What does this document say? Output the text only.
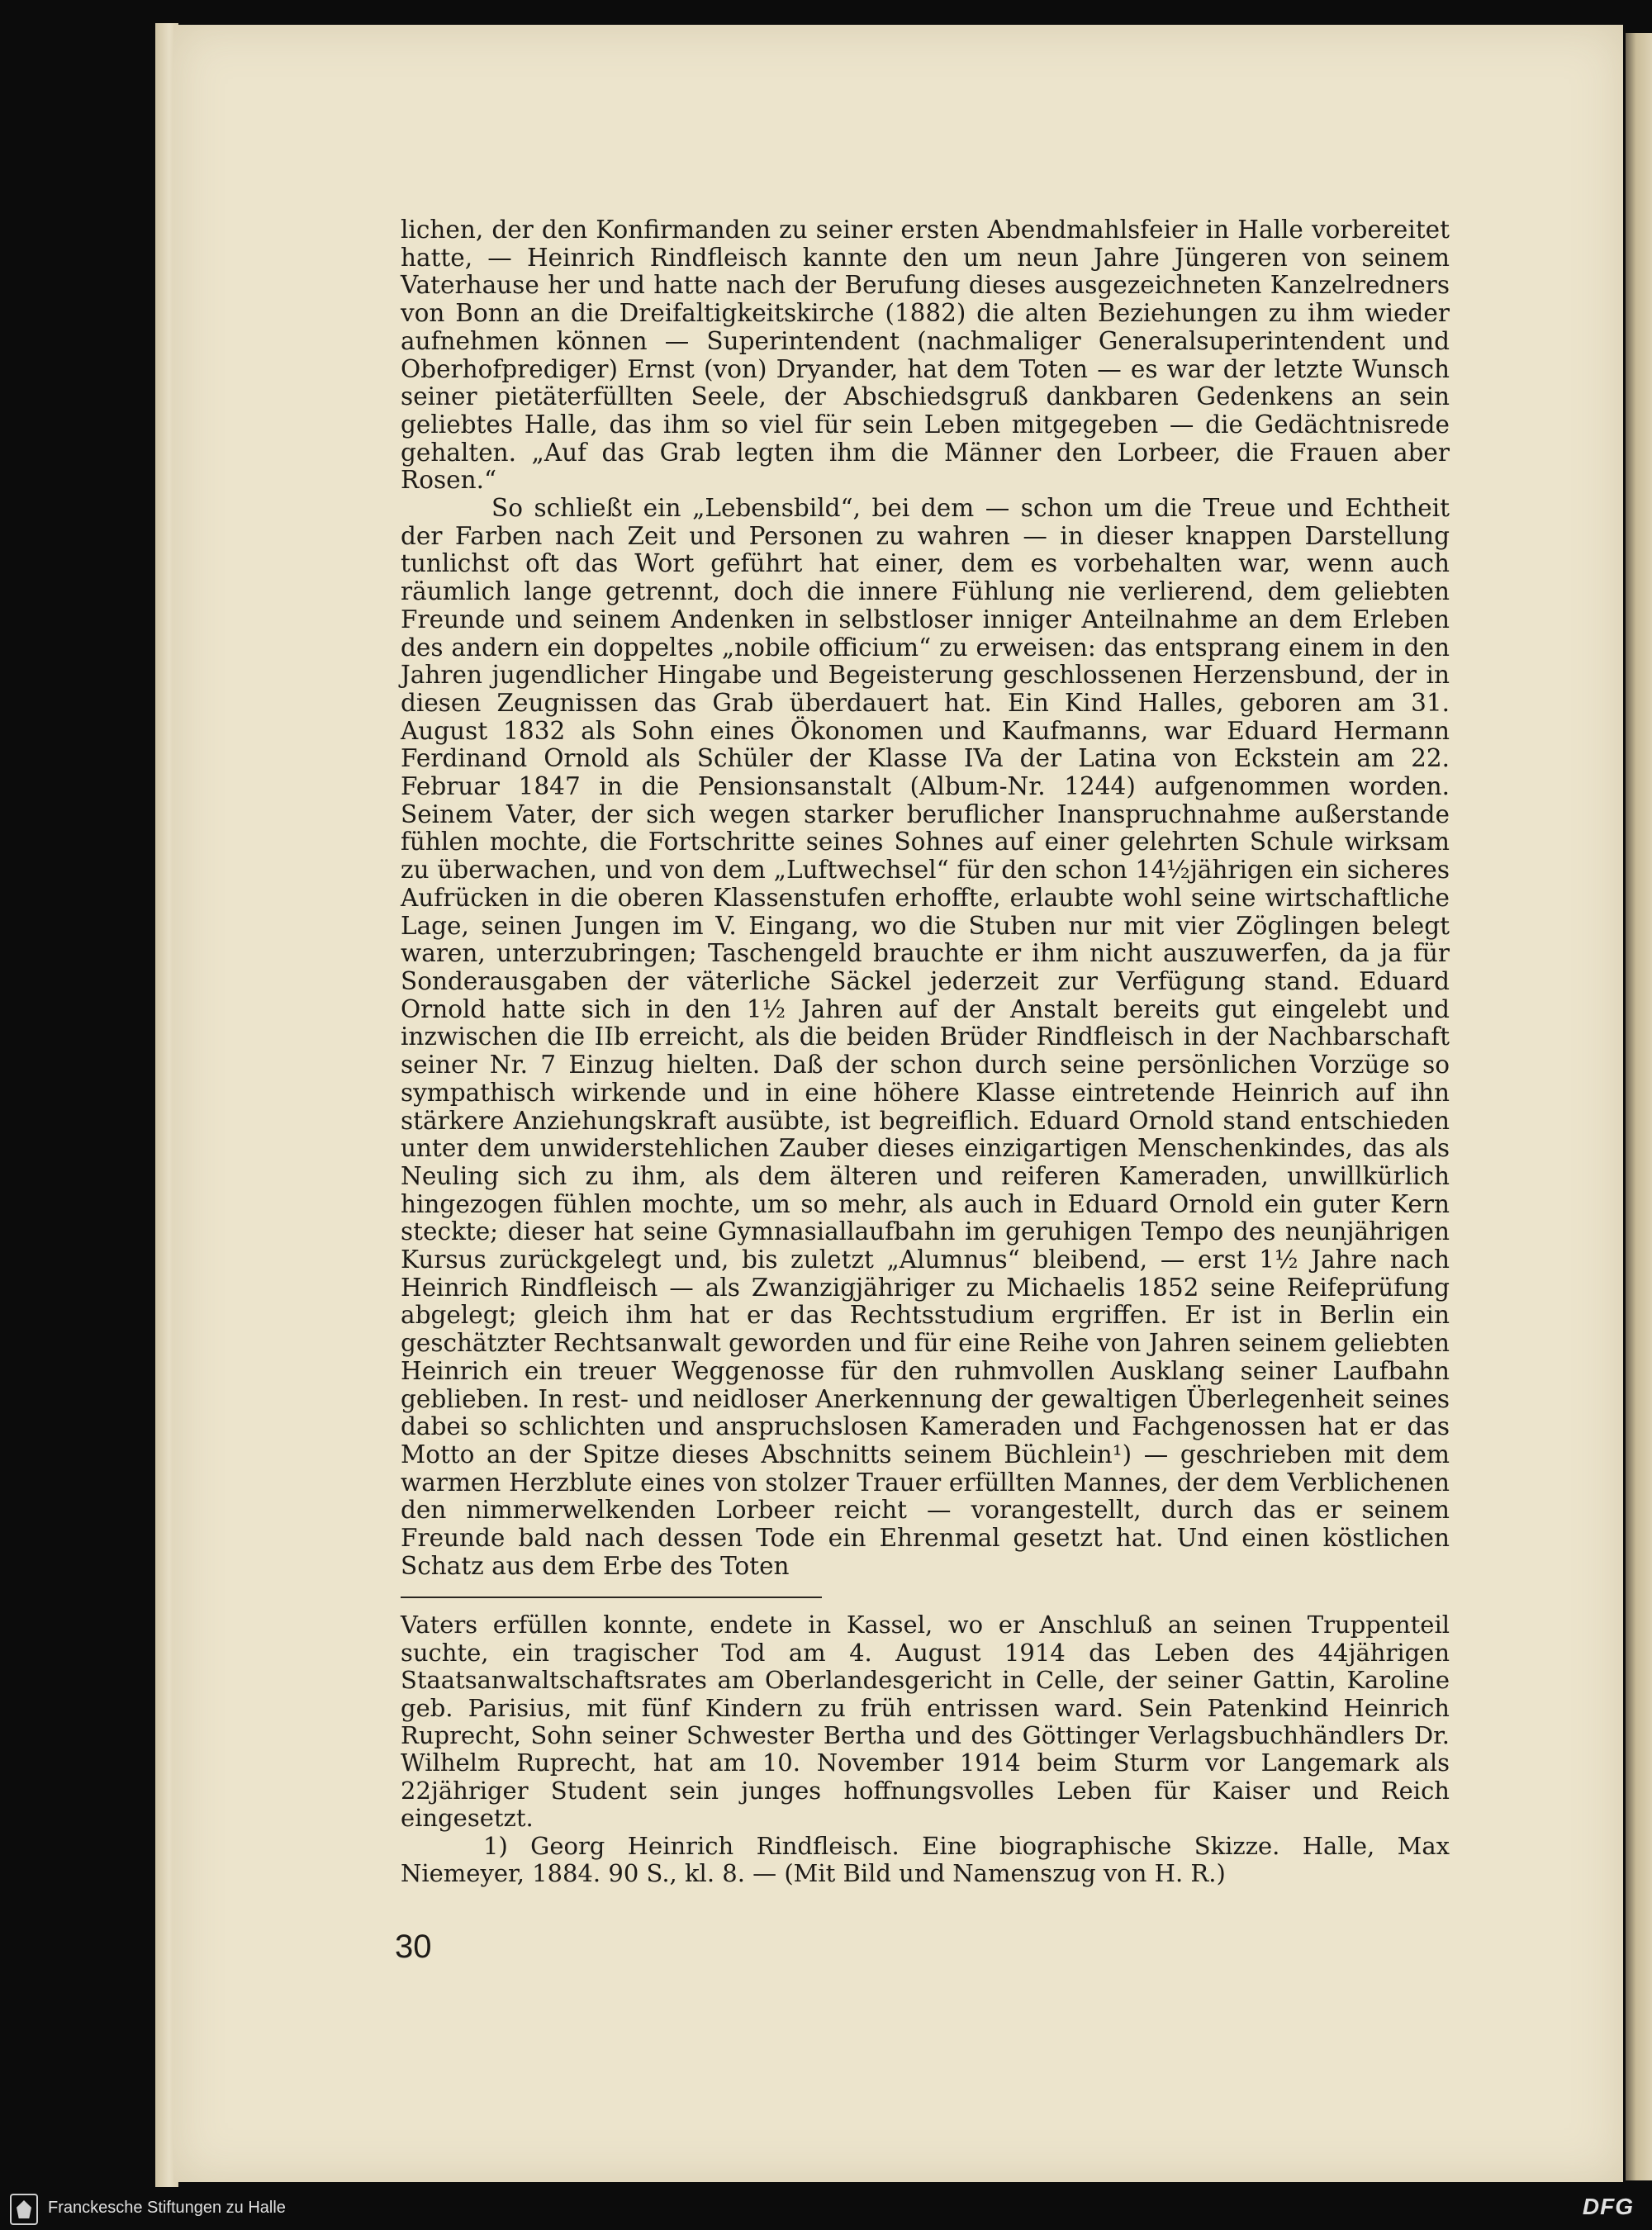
lichen, der den Konfirmanden zu seiner ersten Abendmahlsfeier in Halle vorbereitet hatte, — Heinrich Rindfleisch kannte den um neun Jahre Jüngeren von seinem Vaterhause her und hatte nach der Berufung dieses ausgezeichneten Kanzelredners von Bonn an die Dreifaltigkeitskirche (1882) die alten Beziehungen zu ihm wieder aufnehmen können — Superintendent (nachmaliger Generalsuperintendent und Oberhofprediger) Ernst (von) Dryander, hat dem Toten — es war der letzte Wunsch seiner pietäterfüllten Seele, der Abschiedsgruß dankbaren Gedenkens an sein geliebtes Halle, das ihm so viel für sein Leben mitgegeben — die Gedächtnisrede gehalten. „Auf das Grab legten ihm die Männer den Lorbeer, die Frauen aber Rosen.“

So schließt ein „Lebensbild“, bei dem — schon um die Treue und Echtheit der Farben nach Zeit und Personen zu wahren — in dieser knappen Darstellung tunlichst oft das Wort geführt hat einer, dem es vorbehalten war, wenn auch räumlich lange getrennt, doch die innere Fühlung nie verlierend, dem geliebten Freunde und seinem Andenken in selbstloser inniger Anteilnahme an dem Erleben des andern ein doppeltes „nobile officium“ zu erweisen: das entsprang einem in den Jahren jugendlicher Hingabe und Begeisterung geschlossenen Herzensbund, der in diesen Zeugnissen das Grab überdauert hat. Ein Kind Halles, geboren am 31. August 1832 als Sohn eines Ökonomen und Kaufmanns, war Eduard Hermann Ferdinand Ornold als Schüler der Klasse IVa der Latina von Eckstein am 22. Februar 1847 in die Pensionsanstalt (Album-Nr. 1244) aufgenommen worden. Seinem Vater, der sich wegen starker beruflicher Inanspruchnahme außerstande fühlen mochte, die Fortschritte seines Sohnes auf einer gelehrten Schule wirksam zu überwachen, und von dem „Luftwechsel“ für den schon 14½jährigen ein sicheres Aufrücken in die oberen Klassenstufen erhoffte, erlaubte wohl seine wirtschaftliche Lage, seinen Jungen im V. Eingang, wo die Stuben nur mit vier Zöglingen belegt waren, unterzubringen; Taschengeld brauchte er ihm nicht auszuwerfen, da ja für Sonderausgaben der väterliche Säckel jederzeit zur Verfügung stand. Eduard Ornold hatte sich in den 1½ Jahren auf der Anstalt bereits gut eingelebt und inzwischen die IIb erreicht, als die beiden Brüder Rindfleisch in der Nachbarschaft seiner Nr. 7 Einzug hielten. Daß der schon durch seine persönlichen Vorzüge so sympathisch wirkende und in eine höhere Klasse eintretende Heinrich auf ihn stärkere Anziehungskraft ausübte, ist begreiflich. Eduard Ornold stand entschieden unter dem unwiderstehlichen Zauber dieses einzigartigen Menschenkindes, das als Neuling sich zu ihm, als dem älteren und reiferen Kameraden, unwillkürlich hingezogen fühlen mochte, um so mehr, als auch in Eduard Ornold ein guter Kern steckte; dieser hat seine Gymnasiallaufbahn im geruhigen Tempo des neunjährigen Kursus zurückgelegt und, bis zuletzt „Alumnus“ bleibend, — erst 1½ Jahre nach Heinrich Rindfleisch — als Zwanzigjähriger zu Michaelis 1852 seine Reifeprüfung abgelegt; gleich ihm hat er das Rechtsstudium ergriffen. Er ist in Berlin ein geschätzter Rechtsanwalt geworden und für eine Reihe von Jahren seinem geliebten Heinrich ein treuer Weggenosse für den ruhmvollen Ausklang seiner Laufbahn geblieben. In rest- und neidloser Anerkennung der gewaltigen Überlegenheit seines dabei so schlichten und anspruchslosen Kameraden und Fachgenossen hat er das Motto an der Spitze dieses Abschnitts seinem Büchlein¹) — geschrieben mit dem warmen Herzblute eines von stolzer Trauer erfüllten Mannes, der dem Verblichenen den nimmerwelkenden Lorbeer reicht — vorangestellt, durch das er seinem Freunde bald nach dessen Tode ein Ehrenmal gesetzt hat. Und einen köstlichen Schatz aus dem Erbe des Toten

Vaters erfüllen konnte, endete in Kassel, wo er Anschluß an seinen Truppenteil suchte, ein tragischer Tod am 4. August 1914 das Leben des 44jährigen Staatsanwaltschaftsrates am Oberlandesgericht in Celle, der seiner Gattin, Karoline geb. Parisius, mit fünf Kindern zu früh entrissen ward. Sein Patenkind Heinrich Ruprecht, Sohn seiner Schwester Bertha und des Göttinger Verlagsbuchhändlers Dr. Wilhelm Ruprecht, hat am 10. November 1914 beim Sturm vor Langemark als 22jähriger Student sein junges hoffnungsvolles Leben für Kaiser und Reich eingesetzt.

1) Georg Heinrich Rindfleisch. Eine biographische Skizze. Halle, Max Niemeyer, 1884. 90 S., kl. 8. — (Mit Bild und Namenszug von H. R.)

30
Franckesche Stiftungen zu Halle	DFG
